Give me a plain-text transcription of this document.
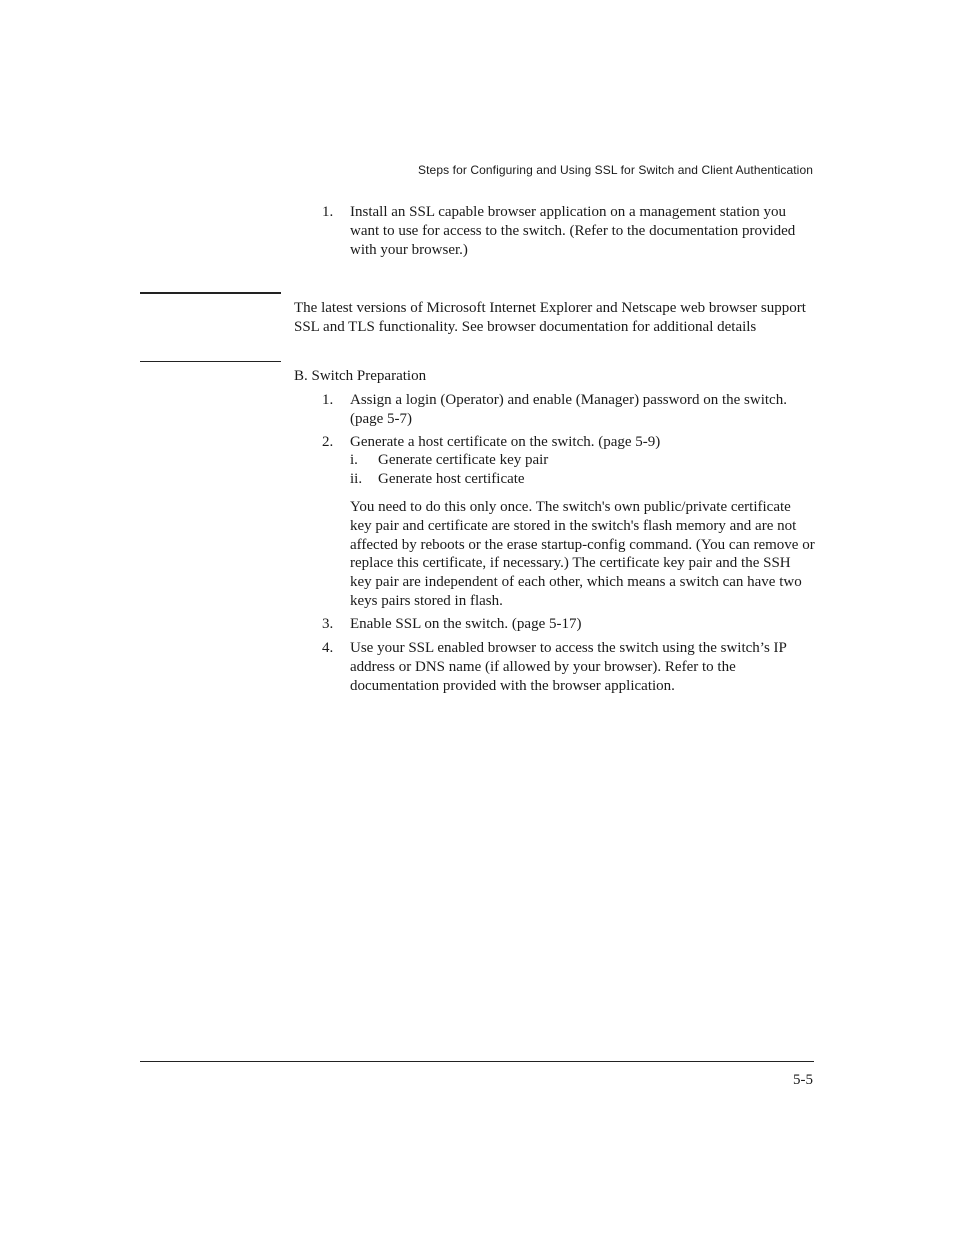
Steps for Configuring and Using SSL for Switch and Client Authentication
1.	Install an SSL capable browser application on a management station you want to use for access to the switch. (Refer to the documentation provided with your browser.)
The latest versions of Microsoft Internet Explorer and Netscape web browser support SSL and TLS functionality. See browser documentation for additional details
B. Switch Preparation
1.	Assign a login (Operator) and enable (Manager) password on the switch. (page 5-7)
2.	Generate a host certificate on the switch. (page 5-9)
i. Generate certificate key pair
ii. Generate host certificate
You need to do this only once. The switch's own public/private certificate key pair and certificate are stored in the switch's flash memory and are not affected by reboots or the erase startup-config command. (You can remove or replace this certificate, if necessary.) The certificate key pair and the SSH key pair are independent of each other, which means a switch can have two keys pairs stored in flash.
3.	Enable SSL on the switch. (page 5-17)
4.	Use your SSL enabled browser to access the switch using the switch’s IP address or DNS name (if allowed by your browser). Refer to the documentation provided with the browser application.
5-5
